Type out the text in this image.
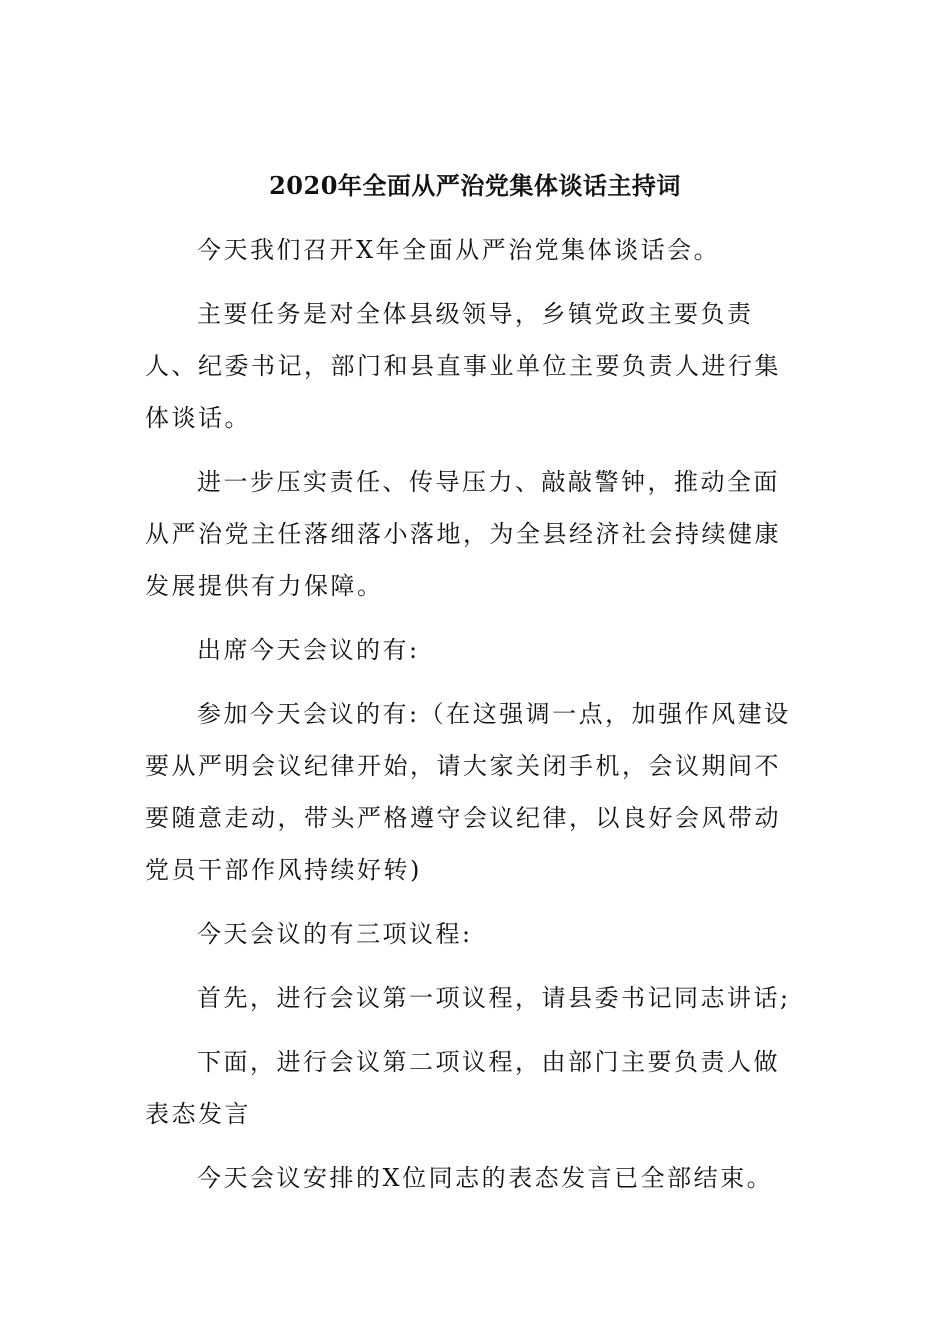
2020年全面从严治党集体谈话主持词

今天我们召开X年全面从严治党集体谈话会。

主要任务是对全体县级领导，乡镇党政主要负责人、纪委书记，部门和县直事业单位主要负责人进行集体谈话。

进一步压实责任、传导压力、敲敲警钟，推动全面从严治党主任落细落小落地，为全县经济社会持续健康发展提供有力保障。

出席今天会议的有:

参加今天会议的有:（在这强调一点，加强作风建设要从严明会议纪律开始，请大家关闭手机，会议期间不要随意走动，带头严格遵守会议纪律，以良好会风带动党员干部作风持续好转)

今天会议的有三项议程:

首先，进行会议第一项议程，请县委书记同志讲话;

下面，进行会议第二项议程，由部门主要负责人做表态发言

今天会议安排的X位同志的表态发言已全部结束。
